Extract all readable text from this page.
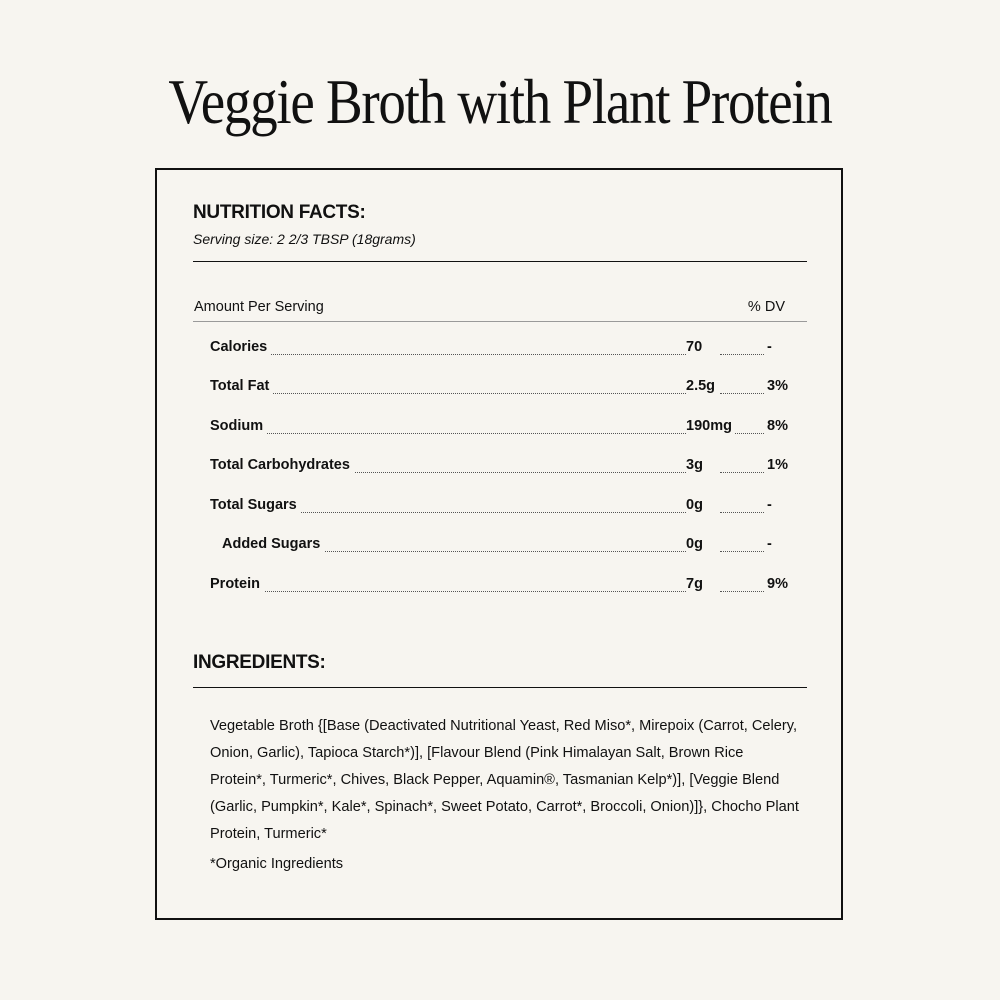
Veggie Broth with Plant Protein
NUTRITION FACTS:

Serving size: 2 2/3 TBSP (18grams)

Amount Per Serving	% DV
Calories	70	-
Total Fat	2.5g	3%
Sodium	190mg 8%
Total Carbohydrates	3g	1%
Total Sugars	0g	-
Added Sugars	0g	-
Protein	7g	9%
INGREDIENTS:

Vegetable Broth {[Base (Deactivated Nutritional Yeast, Red Miso*, Mirepoix (Carrot, Celery, Onion, Garlic), Tapioca Starch*)], [Flavour Blend (Pink Himalayan Salt, Brown Rice Protein*, Turmeric*, Chives, Black Pepper, Aquamin®, Tasmanian Kelp*)], [Veggie Blend (Garlic, Pumpkin*, Kale*, Spinach*, Sweet Potato, Carrot*, Broccoli, Onion)]}, Chocho Plant Protein, Turmeric*

*Organic Ingredients
